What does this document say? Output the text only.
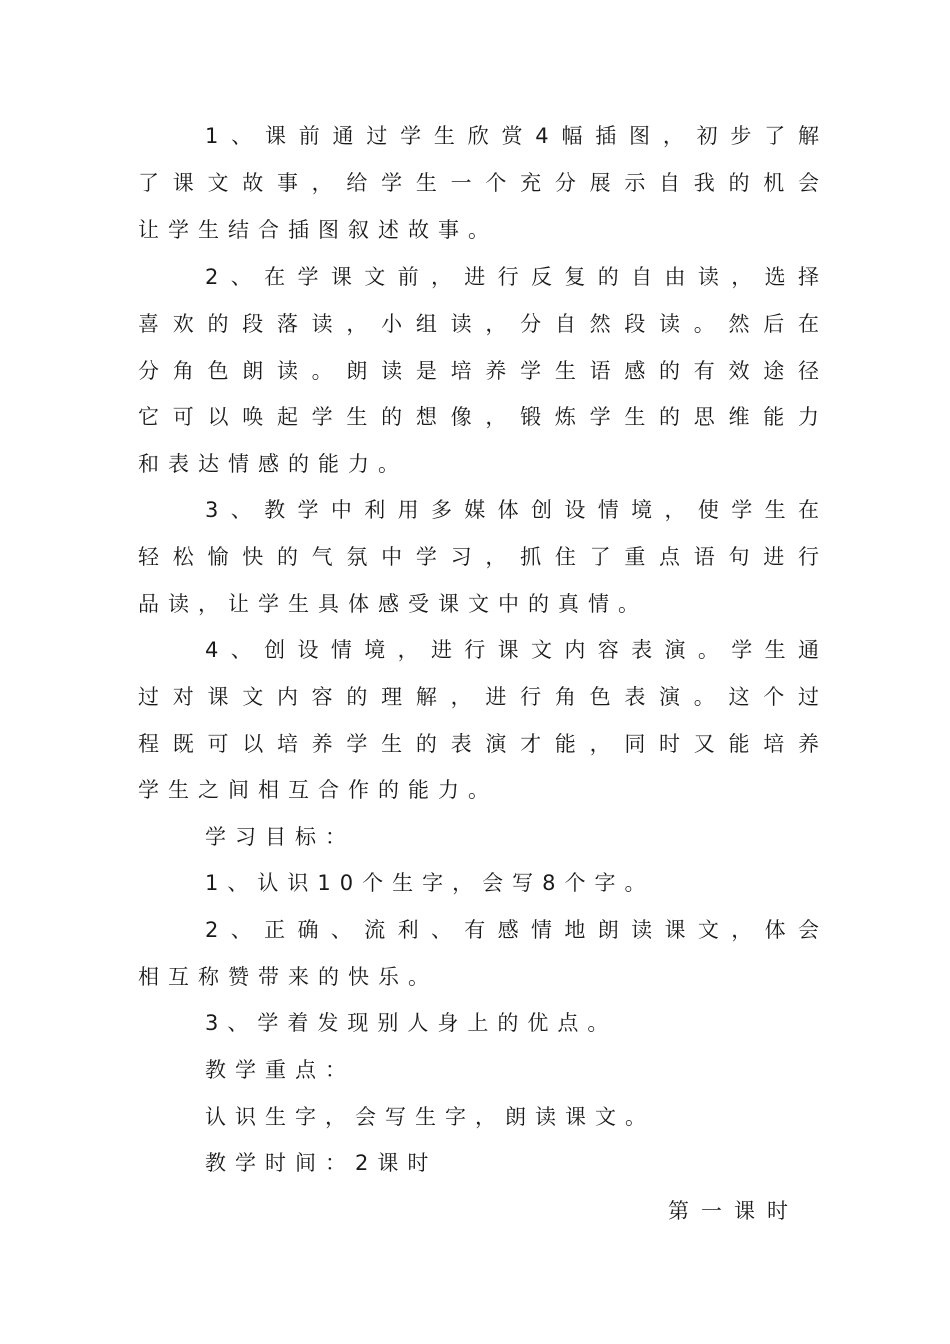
1、课前通过学生欣赏4幅插图，初步了解
了课文故事，给学生一个充分展示自我的机会
让学生结合插图叙述故事。
2、在学课文前，进行反复的自由读，选择
喜欢的段落读，小组读，分自然段读。然后在
分角色朗读。朗读是培养学生语感的有效途径
它可以唤起学生的想像，锻炼学生的思维能力
和表达情感的能力。
3、教学中利用多媒体创设情境，使学生在
轻松愉快的气氛中学习，抓住了重点语句进行
品读，让学生具体感受课文中的真情。
4、创设情境，进行课文内容表演。学生通
过对课文内容的理解，进行角色表演。这个过
程既可以培养学生的表演才能，同时又能培养
学生之间相互合作的能力。
学习目标：
1、认识10个生字，会写8个字。
2、正确、流利、有感情地朗读课文，体会
相互称赞带来的快乐。
3、学着发现别人身上的优点。
教学重点：
认识生字，会写生字，朗读课文。
教学时间：2课时
第一课时
